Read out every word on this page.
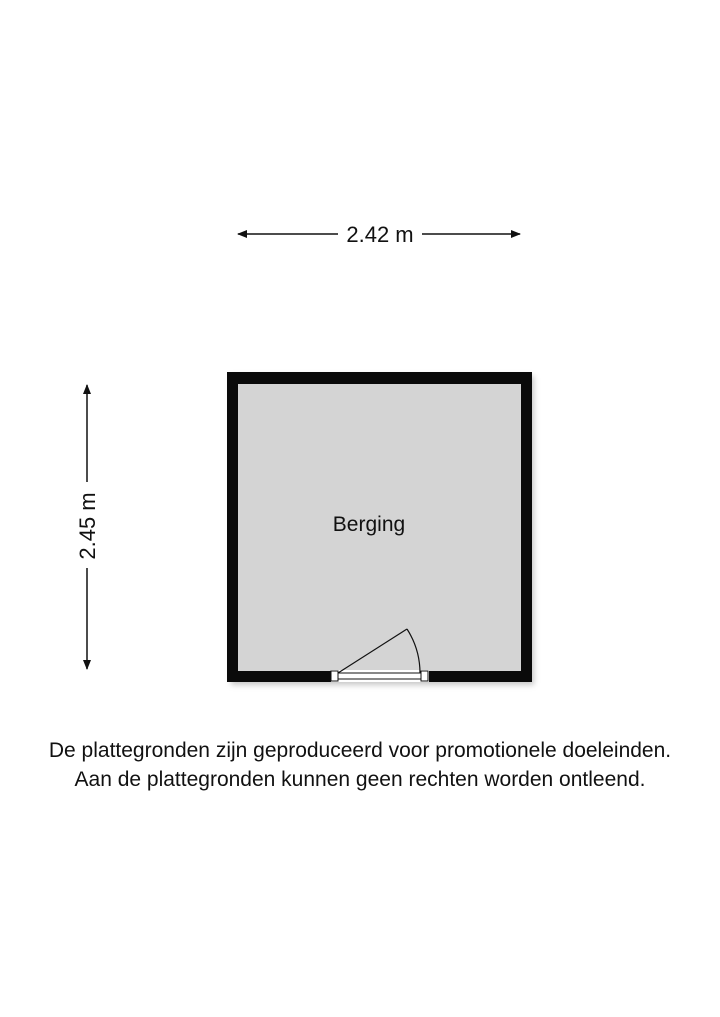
2.42 m
2.45 m	Berging
De plattegronden zijn geproduceerd voor promotionele doeleinden.
Aan de plattegronden kunnen geen rechten worden ontleend.
